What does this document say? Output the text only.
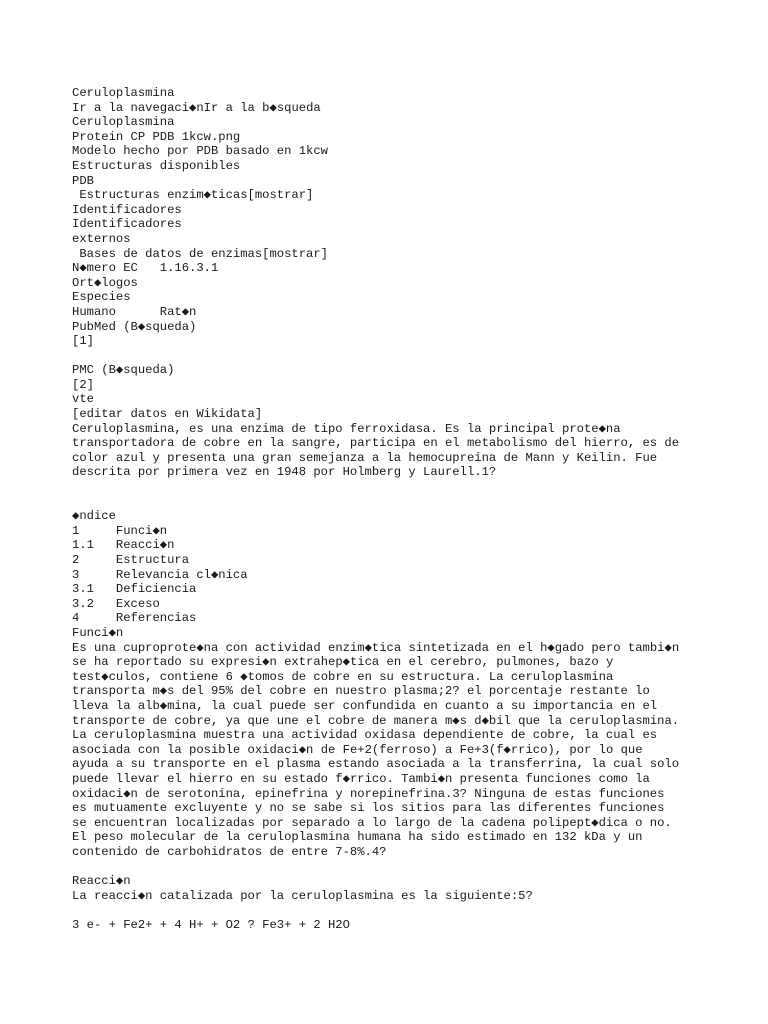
Ceruloplasmina
Ir a la navegaci◆nIr a la b◆squeda
Ceruloplasmina
Protein CP PDB 1kcw.png
Modelo hecho por PDB basado en 1kcw
Estructuras disponibles
PDB
Estructuras enzim◆ticas[mostrar]
Identificadores
Identificadores
externos
Bases de datos de enzimas[mostrar]
N◆mero EC   1.16.3.1
Ort◆logos
Especies
Humano      Rat◆n
PubMed (B◆squeda)
[1]
PMC (B◆squeda)
[2]
vte
[editar datos en Wikidata]
Ceruloplasmina, es una enzima de tipo ferroxidasa. Es la principal prote◆na
transportadora de cobre en la sangre, participa en el metabolismo del hierro, es de
color azul y presenta una gran semejanza a la hemocupreina de Mann y Keilin. Fue
descrita por primera vez en 1948 por Holmberg y Laurell.1?
◆ndice
1     Funci◆n
1.1   Reacci◆n
2     Estructura
3     Relevancia cl◆nica
3.1   Deficiencia
3.2   Exceso
4     Referencias
Funci◆n
Es una cuproprote◆na con actividad enzim◆tica sintetizada en el h◆gado pero tambi◆n
se ha reportado su expresi◆n extrahep◆tica en el cerebro, pulmones, bazo y
test◆culos, contiene 6 ◆tomos de cobre en su estructura. La ceruloplasmina
transporta m◆s del 95% del cobre en nuestro plasma;2? el porcentaje restante lo
lleva la alb◆mina, la cual puede ser confundida en cuanto a su importancia en el
transporte de cobre, ya que une el cobre de manera m◆s d◆bil que la ceruloplasmina.
La ceruloplasmina muestra una actividad oxidasa dependiente de cobre, la cual es
asociada con la posible oxidaci◆n de Fe+2(ferroso) a Fe+3(f◆rrico), por lo que
ayuda a su transporte en el plasma estando asociada a la transferrina, la cual solo
puede llevar el hierro en su estado f◆rrico. Tambi◆n presenta funciones como la
oxidaci◆n de serotonina, epinefrina y norepinefrina.3? Ninguna de estas funciones
es mutuamente excluyente y no se sabe si los sitios para las diferentes funciones
se encuentran localizadas por separado a lo largo de la cadena polipept◆dica o no.
El peso molecular de la ceruloplasmina humana ha sido estimado en 132 kDa y un
contenido de carbohidratos de entre 7-8%.4?
Reacci◆n
La reacci◆n catalizada por la ceruloplasmina es la siguiente:5?
3 e- + Fe2+ + 4 H+ + O2 ? Fe3+ + 2 H2O
